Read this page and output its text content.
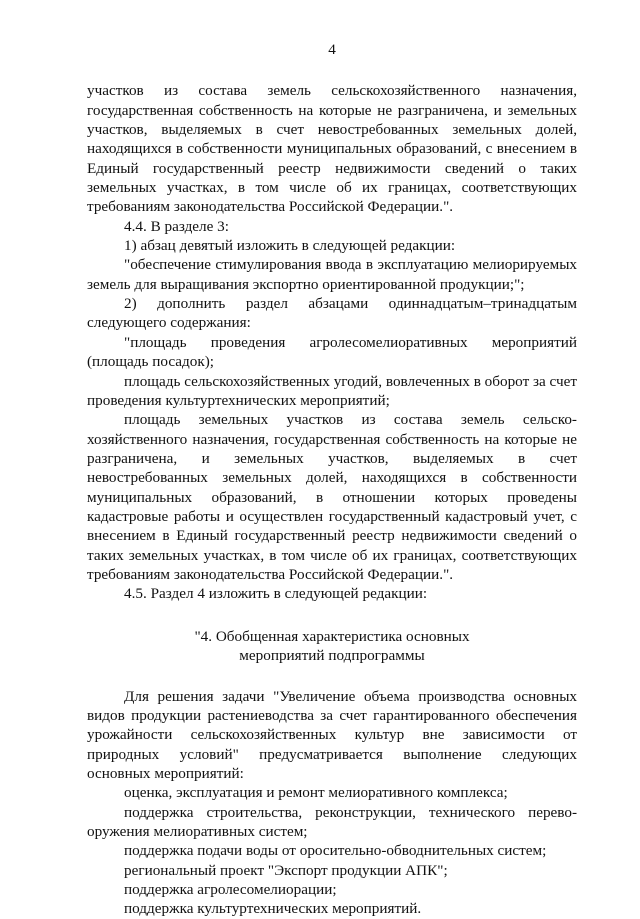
4

участков из состава земель сельскохозяйственного назначения, государственная собственность на которые не разграничена, и земельных участков, выделяемых в счет невостребованных земельных долей, находящихся в собственности муниципальных образований, с внесением в Единый государственный реестр недвижимости сведений о таких земельных участках, в том числе об их границах, соответствующих требованиям законодательства Российской Федерации.".

4.4. В разделе 3:

1) абзац девятый изложить в следующей редакции:

"обеспечение стимулирования ввода в эксплуатацию мелиорируемых земель для выращивания экспортно ориентированной продукции;";

2) дополнить раздел абзацами одиннадцатым–тринадцатым следующего содержания:

"площадь проведения агролесомелиоративных мероприятий (площадь посадок);

площадь сельскохозяйственных угодий, вовлеченных в оборот за счет проведения культуртехнических мероприятий;

площадь земельных участков из состава земель сельско-хозяйственного назначения, государственная собственность на которые не разграничена, и земельных участков, выделяемых в счет невостребованных земельных долей, находящихся в собственности муниципальных образований, в отношении которых проведены кадастровые работы и осуществлен государственный кадастровый учет, с внесением в Единый государственный реестр недвижимости сведений о таких земельных участках, в том числе об их границах, соответствующих требованиям законодательства Российской Федерации.".

4.5. Раздел 4 изложить в следующей редакции:

"4. Обобщенная характеристика основных
мероприятий подпрограммы

Для решения задачи "Увеличение объема производства основных видов продукции растениеводства за счет гарантированного обеспечения урожайности сельскохозяйственных культур вне зависимости от природных условий" предусматривается выполнение следующих основных мероприятий:

оценка, эксплуатация и ремонт мелиоративного комплекса;

поддержка строительства, реконструкции, технического перево-оружения мелиоративных систем;

поддержка подачи воды от оросительно-обводнительных систем;

региональный проект "Экспорт продукции АПК";

поддержка агролесомелиорации;

поддержка культуртехнических мероприятий.
